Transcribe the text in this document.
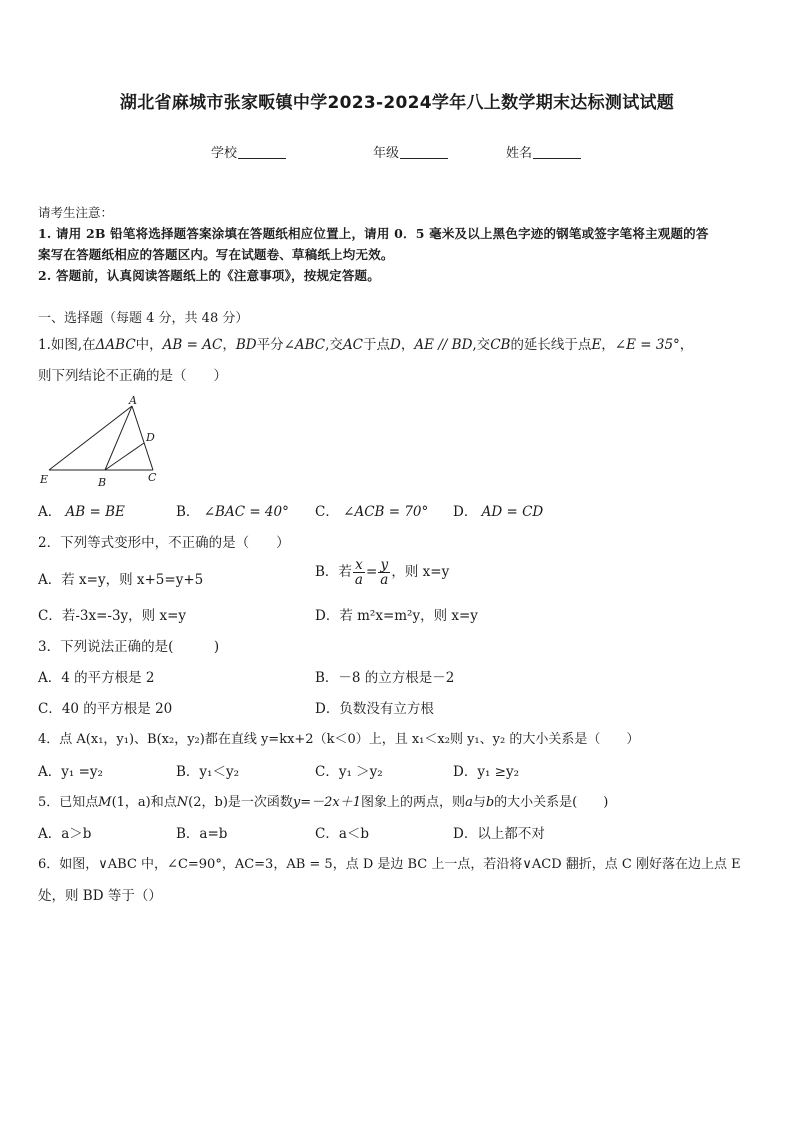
湖北省麻城市张家畈镇中学2023-2024学年八上数学期末达标测试试题
学校	年级	姓名
请考生注意：
1. 请用 2B 铅笔将选择题答案涂填在答题纸相应位置上，请用 0．5 毫米及以上黑色字迹的钢笔或签字笔将主观题的答
案写在答题纸相应的答题区内。写在试题卷、草稿纸上均无效。
2. 答题前，认真阅读答题纸上的《注意事项》，按规定答题。
一、选择题（每题 4 分，共 48 分）
1.如图,在ΔABC中，AB = AC，BD平分∠ABC,交AC于点D，AE // BD,交CB的延长线于点E，∠E = 35°，
则下列结论不正确的是（　　）
A
D
E	B	C
A． AB = BE	B． ∠BAC = 40° C． ∠ACB = 70° D． AD = CD
2．下列等式变形中，不正确的是（　　）
A．若 x=y，则 x+5=y+5	B．若 $\frac{x}{a} = \frac{y}{a}$ ，则 x=y
C．若-3x=-3y，则 x=y	D．若 m²x=m²y，则 x=y
3．下列说法正确的是(　　　)
A．4 的平方根是 2	B．－8 的立方根是－2
C．40 的平方根是 20	D．负数没有立方根
4．点 A(x₁，y₁)、B(x₂，y₂)都在直线 y=kx+2（k＜0）上，且 x₁＜x₂则 y₁、y₂ 的大小关系是（　　）
A．y₁ =y₂	B．y₁＜y₂	C．y₁ ＞y₂	D．y₁ ≥y₂
5．已知点M(1，a)和点N(2，b)是一次函数y=－2x＋1图象上的两点，则a与b的大小关系是(　　)
A．a＞b	B．a=b	C．a＜b	D．以上都不对
6．如图，∨ABC 中，∠C=90°，AC=3，AB = 5，点 D 是边 BC 上一点，若沿将∨ACD 翻折，点 C 刚好落在边上点 E
处，则 BD 等于（）
